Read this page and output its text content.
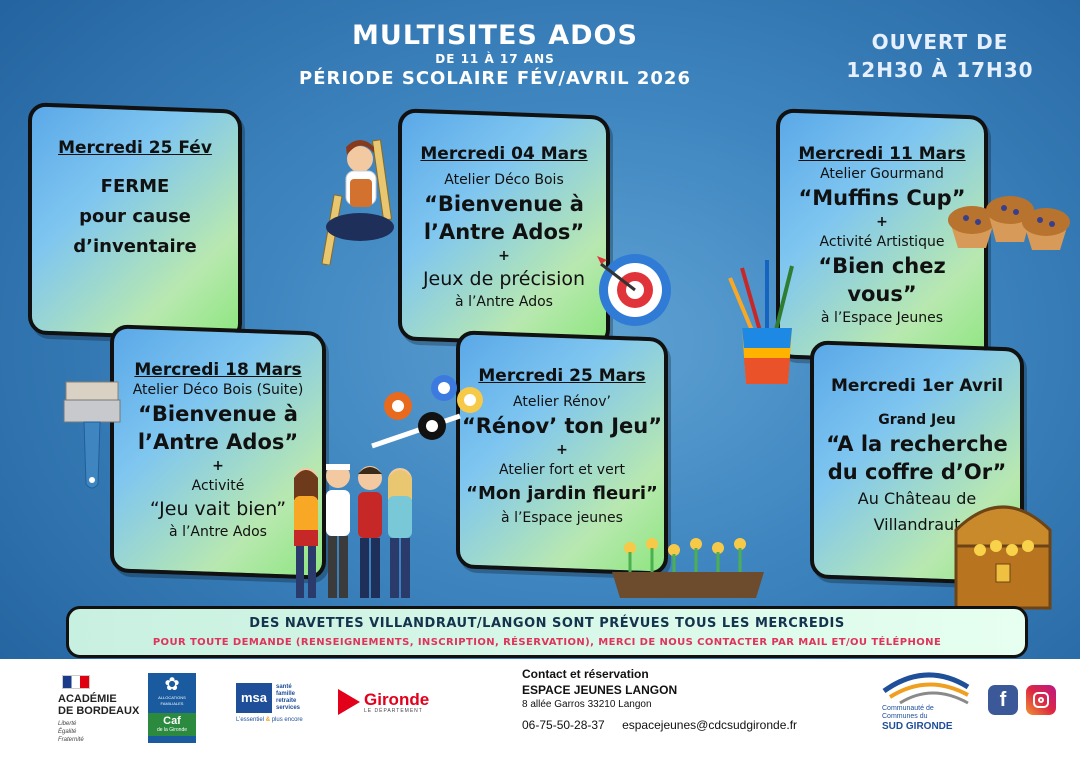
MULTISITES ADOS
DE 11 À 17 ANS
PÉRIODE SCOLAIRE FÉV/AVRIL 2026
OUVERT DE
12H30 À 17H30
Mercredi 25 Fév
FERME
pour cause
d’inventaire
Mercredi 04 Mars
Atelier Déco Bois
“Bienvenue à
l’Antre Ados”
+
Jeux de précision
à l’Antre Ados
Mercredi 11 Mars
Atelier Gourmand
“Muffins Cup”
+
Activité Artistique
“Bien chez
vous”
à l’Espace Jeunes
Mercredi 18 Mars
Atelier Déco Bois (Suite)
“Bienvenue à
l’Antre Ados”
+
Activité
“Jeu vait bien”
à l’Antre Ados
Mercredi 25 Mars
Atelier Rénov’
“Rénov’ ton Jeu”
+
Atelier fort et vert
“Mon jardin fleuri”
à l’Espace jeunes
Mercredi 1er Avril
Grand Jeu
“A la recherche
du coffre d’Or”
Au Château de
Villandraut
DES NAVETTES VILLANDRAUT/LANGON SONT PRÉVUES TOUS LES MERCREDIS
POUR TOUTE DEMANDE (RENSEIGNEMENTS, INSCRIPTION, RÉSERVATION), MERCI DE NOUS CONTACTER PAR MAIL ET/OU TÉLÉPHONE
ACADÉMIE
DE BORDEAUX
Liberté
Égalité
Fraternité
✿
ALLOCATIONS FAMILIALES
Caf
de la Gironde
msa
santé
famille
retraite
services
L’essentiel & plus encore
Gironde
LE DÉPARTEMENT
Contact et réservation
ESPACE JEUNES LANGON
8 allée Garros 33210 Langon
06-75-50-28-37 espacejeunes@cdcsudgironde.fr
Communauté de
Communes du
SUD GIRONDE
f
